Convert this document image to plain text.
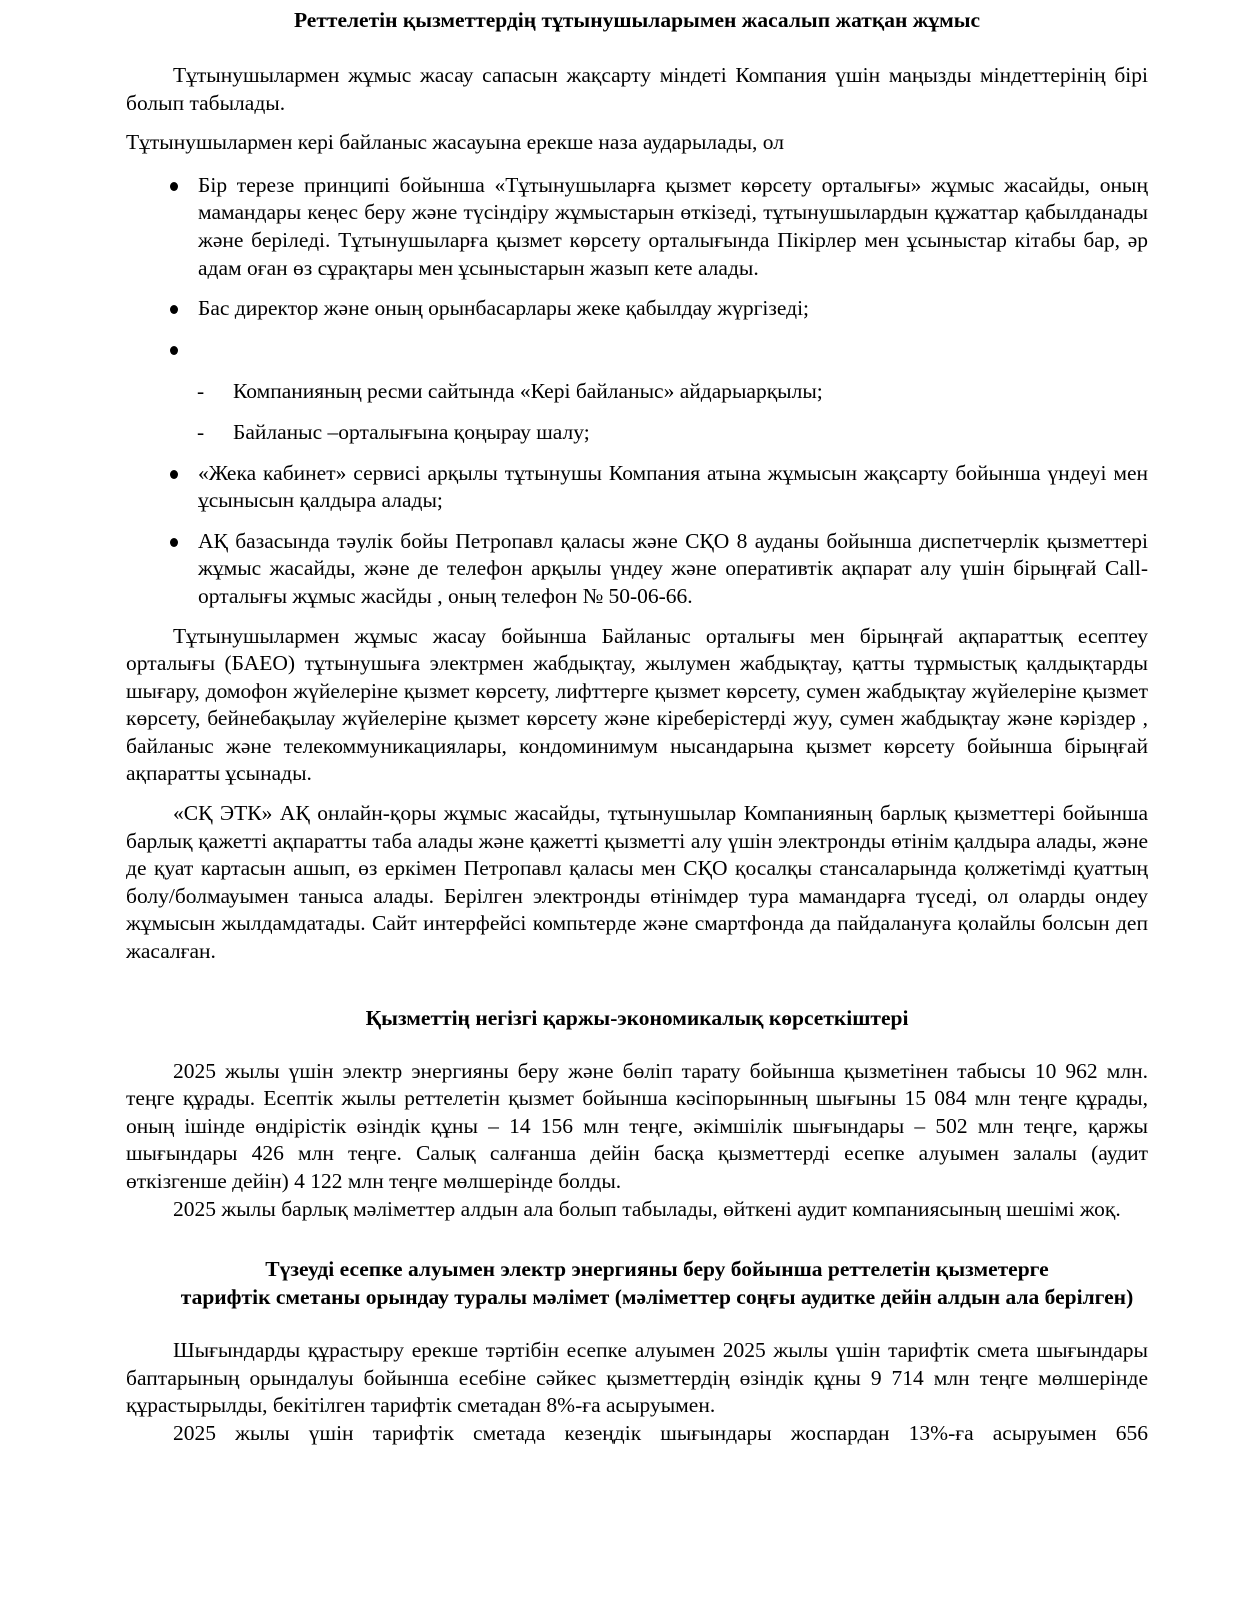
Реттелетін қызметтердің тұтынушыларымен жасалып жатқан жұмыс

Тұтынушылармен жұмыс жасау сапасын жақсарту міндеті Компания үшін маңызды міндеттерінің бірі болып табылады.

Тұтынушылармен кері байланыс жасауына ерекше наза аударылады, ол

Бір терезе принципі бойынша «Тұтынушыларға қызмет көрсету орталығы» жұмыс жасайды, оның мамандары кеңес беру және түсіндіру жұмыстарын өткізеді, тұтынушылардын құжаттар қабылданады және беріледі. Тұтынушыларға қызмет көрсету орталығында Пікірлер мен ұсыныстар кітабы бар, әр адам оған өз сұрақтары мен ұсыныстарын жазып кете алады.
Бас директор және оның орынбасарлары жеке қабылдау жүргізеді;
- Компанияның ресми сайтында «Кері байланыс» айдарыарқылы;
- Байланыс –орталығына қоңырау шалу;
«Жека кабинет» сервисі арқылы тұтынушы Компания атына жұмысын жақсарту бойынша үндеуі мен ұсынысын қалдыра алады;
АҚ базасында тәулік бойы Петропавл қаласы және СҚО 8 ауданы бойынша диспетчерлік қызметтері жұмыс жасайды, және де телефон арқылы үндеу және оперативтік ақпарат алу үшін бірыңғай Call-орталығы жұмыс жасйды , оның телефон № 50-06-66.

Тұтынушылармен жұмыс жасау бойынша Байланыс орталығы мен бірыңғай ақпараттық есептеу орталығы (БАЕО) тұтынушыға электрмен жабдықтау, жылумен жабдықтау, қатты тұрмыстық қалдықтарды шығару, домофон жүйелеріне қызмет көрсету, лифттерге қызмет көрсету, сумен жабдықтау жүйелеріне қызмет көрсету, бейнебақылау жүйелеріне қызмет көрсету және кіреберістерді жуу, сумен жабдықтау және кәріздер , байланыс және телекоммуникациялары, кондоминимум нысандарына қызмет көрсету бойынша бірыңғай ақпаратты ұсынады.

«СҚ ЭТК» АҚ онлайн-қоры жұмыс жасайды, тұтынушылар Компанияның барлық қызметтері бойынша барлық қажетті ақпаратты таба алады және қажетті қызметті алу үшін электронды өтінім қалдыра алады, және де қуат картасын ашып, өз еркімен Петропавл қаласы мен СҚО қосалқы стансаларында қолжетімді қуаттың болу/болмауымен таныса алады. Берілген электронды өтінімдер тура мамандарға түседі, ол оларды ондеу жұмысын жылдамдатады. Сайт интерфейсі компьтерде және смартфонда да пайдалануға қолайлы болсын деп жасалған.

Қызметтің негізгі қаржы-экономикалық көрсеткіштері

2025 жылы үшін электр энергияны беру және бөліп тарату бойынша қызметінен табысы 10 962 млн. теңге құрады. Есептік жылы реттелетін қызмет бойынша кәсіпорынның шығыны 15 084 млн теңге құрады, оның ішінде өндірістік өзіндік құны – 14 156 млн теңге, әкімшілік шығындары – 502 млн теңге, қаржы шығындары 426 млн теңге. Салық салғанша дейін басқа қызметтерді есепке алуымен залалы (аудит өткізгенше дейін) 4 122 млн теңге мөлшерінде болды.

2025 жылы барлық мәліметтер алдын ала болып табылады, өйткені аудит компаниясының шешімі жоқ.

Түзеуді есепке алуымен электр энергияны беру бойынша реттелетін қызметерге
тарифтік сметаны орындау туралы мәлімет (мәліметтер соңғы аудитке дейін алдын ала берілген)

Шығындарды құрастыру ерекше тәртібін есепке алуымен 2025 жылы үшін тарифтік смета шығындары баптарының орындалуы бойынша есебіне сәйкес қызметтердің өзіндік құны 9 714 млн теңге мөлшерінде құрастырылды, бекітілген тарифтік сметадан 8%-ға асыруымен.

2025 жылы үшін тарифтік сметада кезеңдік шығындары жоспардан 13%-ға асыруымен 656
